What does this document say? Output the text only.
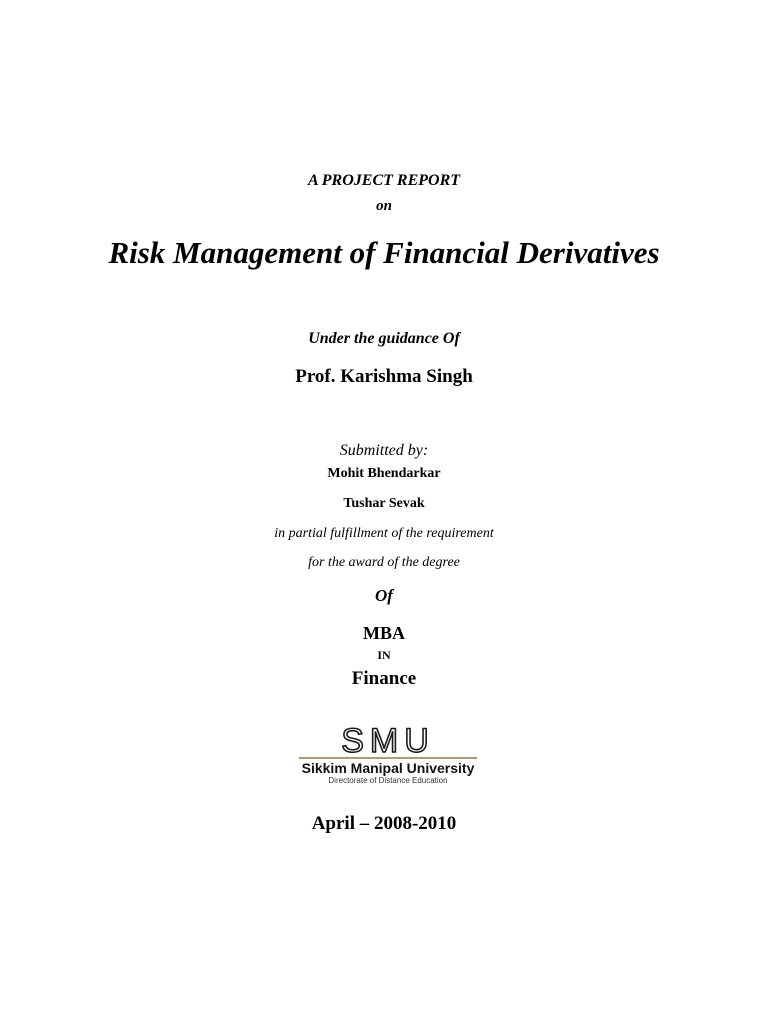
A PROJECT REPORT
on
Risk Management of Financial Derivatives
Under the guidance Of
Prof. Karishma Singh
Submitted by:
Mohit Bhendarkar
Tushar Sevak
in partial fulfillment of the requirement
for the award of the degree
Of
MBA
IN
Finance
SMU
Sikkim Manipal University
Directorate of Distance Education
April – 2008-2010
